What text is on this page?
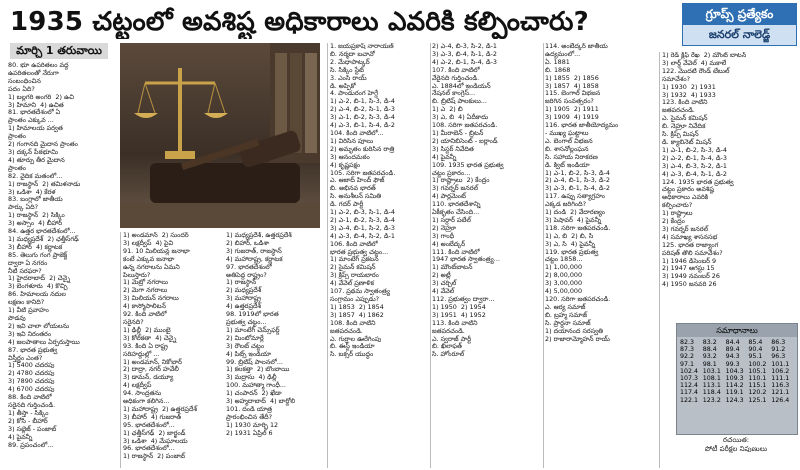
1935 చట్టంలో అవశిష్ట అధికారాలు ఎవరికి కల్పించారు?	గ్రూప్స్ ప్రత్యేకం
జనరల్ నాలెడ్జ్
మార్చి 1 తరువాయి
80. భూ ఉపరితలం వద్ద
ఉపరితలంతో నేరుగా
సంబంధించిన
పదం ఏది?
1) బల్లగరి అంగరి  2) ఉచి
3) హిమాని  4) ఉచిత
81. భారతదేశంలో ఏ
ప్రాంతం ఎక్కువ ...
1) హిమాలయ పర్వత
ప్రాంతం
2) గంగానది మైదాన ప్రాంతం
3) దక్కన్ పీఠభూమి
4) తూర్పు తీర మైదాన
ప్రాంతం
82. వైదిక మతంలో...
1) రాజస్థాన్  2) తమిళనాడు
3) ఒడిశా  4) కేరళ
83. బంగ్లాలో జాతీయ
పార్కు ఏది?
1) రాజస్థాన్  2) సిక్కిం
3) అస్సాం  4) బీహార్
84. ఉత్తర భారతదేశంలో...
1) మధ్యప్రదేశ్  2) ఛత్తీస్‌గఢ్
3) బీహార్  4) కర్ణాటక
85. తెలుగు గంగ ప్రాజెక్ట్
ద్వారా ఏ నగరం
నీటి సరఫరా?
1) హైదరాబాద్  2) చెన్నై
3) బెంగళూరు  4) కొచ్చి
86. హిమాలయ నదుల
లక్షణం కానిది?
1) వీటి ప్రవాహం
పొడవు
2) ఇవి చాలా లోయలను
3) ఇవి నిరంతరం
4) జలపాతాలు ఏర్పరుస్తాయి
87. భారత ప్రభుత్వ
విస్తీర్ణం ఎంత?
1) 5400 చదరపు
2) 4780 చదరపు
3) 7890 చదరపు
4) 6700 చదరపు
88. కింది వాటిలో
సరైనది గుర్తించండి.
1) తీస్తా - సిక్కిం
2) కోసి - బీహార్
3) సట్లెజ్ - పంజాబ్
4) పైవన్నీ
89. ప్రపంచంలో...
1) అండమాన్  2) సుందర్
3) లక్షద్వీప్  4) పైవి
91. 10 మిలియన్ల జనాభా
కంటే ఎక్కువ జనాభా
ఉన్న నగరాలను ఏమని
పిలుస్తారు?
1) మెట్రో నగరాలు
2) మెగా నగరాలు
3) మిలియన్ నగరాలు
4) కాస్మోపాలిటన్
92. కింది వాటిలో
సరైనది?
1) ఢిల్లీ  2) ముంబై
3) కోల్‌కతా  4) చెన్నై
93. కింది ఏ రాష్ట్ర
సరిహద్దుల్లో ...
1) అండమాన్, నికోబార్
2) దాద్రా, నగర్ హవేలీ
3) డామన్, డయ్యూ
4) లక్షద్వీప్
94. సాంద్రతను
అధికంగా కలిగిన...
1) మహారాష్ట్ర  2) ఉత్తరప్రదేశ్
3) బీహార్  4) గుజరాత్
95. భారతదేశంలో...
1) ఛత్తీస్‌గఢ్  2) జార్ఖండ్
3) ఒడిశా  4) మేఘాలయ
96. భారతదేశంలో...
1) రాజస్థాన్  2) పంజాబ్
1) మధ్యప్రదేశ్, ఉత్తరప్రదేశ్
2) బిహార్, ఒడిశా
3) గుజరాత్, రాజస్థాన్
4) మహారాష్ట్ర, కర్ణాటక
97. భారతదేశంలో
అతిపెద్ద రాష్ట్రం?
1) రాజస్థాన్
2) మధ్యప్రదేశ్
3) మహారాష్ట్ర
4) ఉత్తరప్రదేశ్
98. 1919లో భారత
ప్రభుత్వ చట్టం...
1) మాంటేగ్ చెమ్స్‌ఫర్డ్
2) మింటోమార్లే
3) రౌలట్ చట్టం
4) పిట్స్ ఇండియా
99. బ్రిటిష్ పాలనలో...
1) కలకత్తా  2) బొంబాయి
3) మద్రాసు  4) ఢిల్లీ
100. మహాత్మా గాంధీ...
1) చంపారన్  2) ఖేడా
3) అహ్మదాబాద్  4) బార్డోలి
101. దండి యాత్ర
ప్రారంభించిన తేదీ?
1) 1930 మార్చి 12
2) 1931 ఏప్రిల్ 6
1. జయప్రకాష్ నారాయణ్
బి. నర్మదా బచావో
2. మేధాపాట్కర్
సి. సిక్కిం స్టేట్
3. ఎంసి రాయ్
డి. అప్పికో
4. పాండురంగ హెగ్డే
1) ఎ-2, బి-1, సి-3, డి-4
2) ఎ-4, బి-2, సి-1, డి-3
3) ఎ-1, బి-2, సి-3, డి-4
4) ఎ-3, బి-1, సి-4, డి-2
104. కింది వాటిలో...
1) విరిసిన పూలు
2) అమృతం కురిసిన రాత్రి
3) ఆనందమఠం
4) కృష్ణపక్షం
105. సరిగా జతపరచండి.
ఎ. ఆజాద్ హింద్ ఫౌజ్
బి. అభినవ భారత్
సి. అనుశీలన్ సమితి
డి. గదర్ పార్టీ
1) ఎ-2, బి-3, సి-1, డి-4
2) ఎ-1, బి-2, సి-3, డి-4
3) ఎ-4, బి-1, సి-2, డి-3
4) ఎ-3, బి-4, సి-2, డి-1
106. కింది వాటిలో
భారత ప్రభుత్వ చట్టం...
1) మాంటేగ్ ప్రకటన
2) సైమన్ కమిషన్
3) క్రిప్స్ రాయబారం
4) వేవెల్ ప్రణాళిక
107. ప్రథమ స్వాతంత్ర్య
సంగ్రామం ఎప్పుడు?
1) 1853  2) 1854
3) 1857  4) 1862
108. కింది వాటిని
జతపరచండి.
ఎ. గుర్రాల ఊరేగింపు
బి. ఈస్ట్ ఇండియా
సి. బక్సర్ యుద్ధం
2) ఎ-4, బి-3, సి-2, డి-1
3) ఎ-3, బి-4, సి-1, డి-2
4) ఎ-2, బి-1, సి-4, డి-3
107. కింది వాటిలో
వేరైనది గుర్తించండి.
ఎ. 1884లో ఇండియన్
నేషనల్ కాంగ్రెస్...
బి. బ్రిటిష్ పాలకులు...
1) ఎ  2) బి
3) ఎ, బి  4) ఏదీకాదు
108. సరిగా జతపరచండి.
1) మీరాబెన్ - బ్రిటన్
2) యానిబిసెంట్ - ఐర్లాండ్
3) సిస్టర్ నివేదిత
4) పైవన్నీ
109. 1935 భారత ప్రభుత్వ
చట్టం ప్రకారం...
1) రాష్ట్రాలు  2) కేంద్రం
3) గవర్నర్ జనరల్
4) పార్లమెంట్
110. భారతదేశాన్ని
ఏకీకృతం చేసింది...
1) సర్దార్ పటేల్
2) నెహ్రూ
3) గాంధీ
4) అంబేద్కర్
111. కింది వాటిలో
1947 భారత స్వాతంత్ర్య...
1) మౌంట్‌బాటన్
2) అట్లీ
3) చర్చిల్
4) వేవెల్
112. ప్రభుత్వం ద్వారా...
1) 1950  2) 1954
3) 1951  4) 1952
113. కింది వాటిని
జతపరచండి.
ఎ. స్వరాజ్ పార్టీ
బి. ఖిలాఫత్
సి. హోంరూల్
114. అంబేద్కర్ జాతీయ
ఉద్యమంలో...
ఏ. 1881
బి. 1868
1) 1855  2) 1856
3) 1857  4) 1858
115. బెంగాల్ విభజన
జరిగిన సంవత్సరం?
1) 1905  2) 1911
3) 1909  4) 1919
116. భారత జాతీయోద్యమం
- ముఖ్య ఘట్టాలు
ఎ. బెంగాల్ విభజన
బి. శాసనోల్లంఘన
సి. సహాయ నిరాకరణ
డి. క్విట్ ఇండియా
1) ఎ-1, బి-2, సి-3, డి-4
2) ఎ-4, బి-1, సి-3, డి-2
3) ఎ-3, బి-1, సి-4, డి-2
117. ఉప్పు సత్యాగ్రహం
ఎక్కడ జరిగింది?
1) దండి  2) వేదారణ్యం
3) పెషావర్  4) పైవన్నీ
118. సరిగా జతపరచండి.
1) ఎ, బి  2) బి, సి
3) ఎ, సి  4) పైవన్నీ
119. భారత ప్రభుత్వ
చట్టం 1858...
1) 1,00,000
2) 8,00,000
3) 3,00,000
4) 5,00,000
120. సరిగా జతపరచండి.
ఎ. ఆర్య సమాజ్
బి. బ్రహ్మ సమాజ్
సి. ప్రార్థనా సమాజ్
1) దయానంద సరస్వతి
2) రాజారామ్మోహన్ రాయ్
1) రెడ్ క్లిఫ్ రేఖ  2) మౌంట్ బాటన్
3) లార్డ్ వేవెల్  4) మకాలే
122. మొదటి రౌండ్ టేబుల్
సమావేశం?
1) 1930  2) 1931
3) 1932  4) 1933
123. కింది వాటిని
జతపరచండి.
ఎ. సైమన్ కమిషన్
బి. నెహ్రూ నివేదిక
సి. క్రిప్స్ మిషన్
డి. క్యాబినెట్ మిషన్
1) ఎ-1, బి-2, సి-3, డి-4
2) ఎ-2, బి-1, సి-4, డి-3
3) ఎ-4, బి-3, సి-2, డి-1
4) ఎ-3, బి-4, సి-1, డి-2
124. 1935 భారత ప్రభుత్వ
చట్టం ప్రకారం అవశిష్ట
అధికారాలు ఎవరికి
కల్పించారు?
1) రాష్ట్రాలు
2) కేంద్రం
3) గవర్నర్ జనరల్
4) సమాఖ్య శాసనసభ
125. భారత రాజ్యాంగ
పరిషత్ తొలి సమావేశం?
1) 1946 డిసెంబర్ 9
2) 1947 ఆగస్టు 15
3) 1949 నవంబర్ 26
4) 1950 జనవరి 26
సమాధానాలు
82.3	83.2	84.4	85.4	86.3
87.3	88.4	89.4	90.4	91.2
92.2	93.2	94.3	95.1	96.3
97.1	98.1	99.3	100.2 101.1
102.4 103.1 104.3 105.1 106.2
107.3 108.1 109.3 110.1 111.1
112.4 113.1 114.2 115.1 116.3
117.4 118.4 119.1 120.2 121.1
122.1 123.2 124.3 125.1 126.4
రచయిత:
పోటీ పరీక్షల నిపుణులు
